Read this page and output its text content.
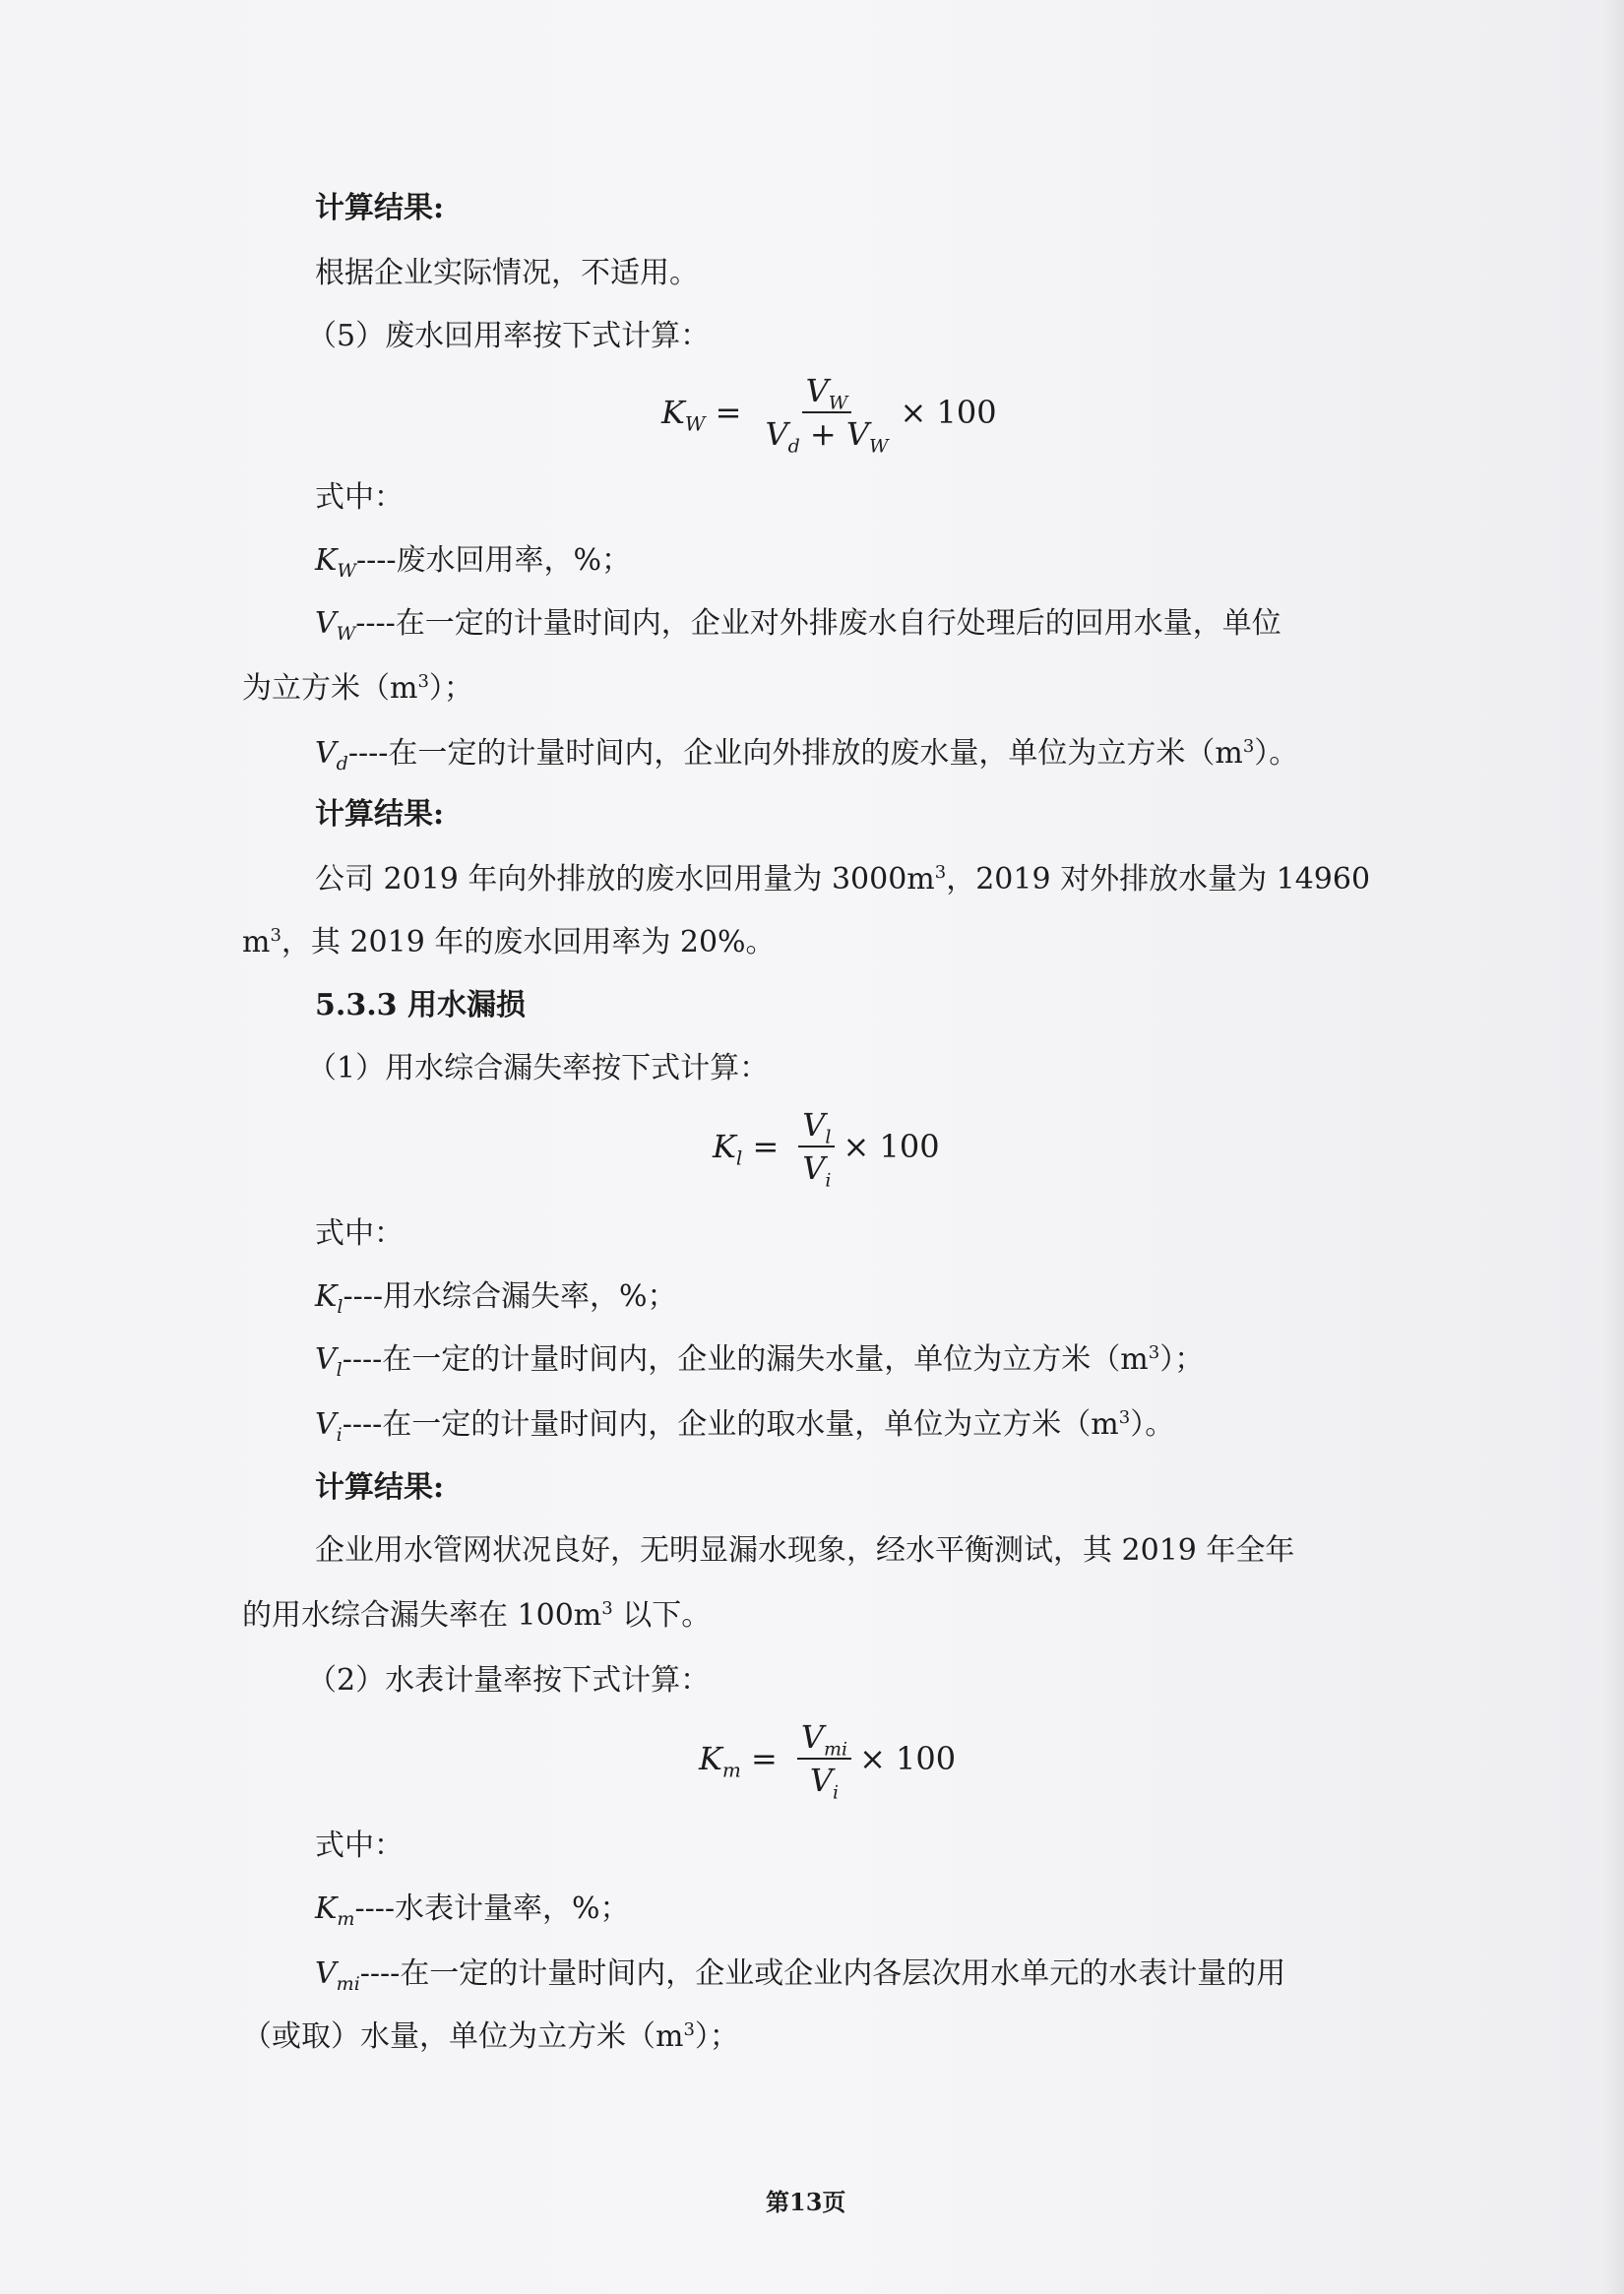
计算结果:
根据企业实际情况，不适用。
（5）废水回用率按下式计算：
$K_W = \frac{V_W}{V_d + V_W} \times 100$
式中：
$K_W----$废水回用率，%；
$V_W----$在一定的计量时间内，企业对外排废水自行处理后的回用水量，单位
为立方米$(m^3)$；
$V_d----$在一定的计量时间内，企业向外排放的废水量，单位为立方米$(m^3)$。
计算结果:
公司 2019 年向外排放的废水回用量为 $3000m^3$，2019 对外排放水量为 14960
$m^3$，其 2019 年的废水回用率为 20%。
5.3.3 用水漏损
（1）用水综合漏失率按下式计算：
$K_l = \frac{V_l}{V_i} \times 100$
式中：
$K_l----$用水综合漏失率，%；
$V_l----$在一定的计量时间内，企业的漏失水量，单位为立方米$(m^3)$；
$V_i----$在一定的计量时间内，企业的取水量，单位为立方米$(m^3)$。
计算结果:
企业用水管网状况良好，无明显漏水现象，经水平衡测试，其 2019 年全年
的用水综合漏失率在 $100m^3$ 以下。
（2）水表计量率按下式计算：
$K_m = \frac{V_{mi}}{V_i} \times 100$
式中：
$K_m----$水表计量率，%；
$V_{mi}----$在一定的计量时间内，企业或企业内各层次用水单元的水表计量的用
（或取）水量，单位为立方米$(m^3)$；
第13页
